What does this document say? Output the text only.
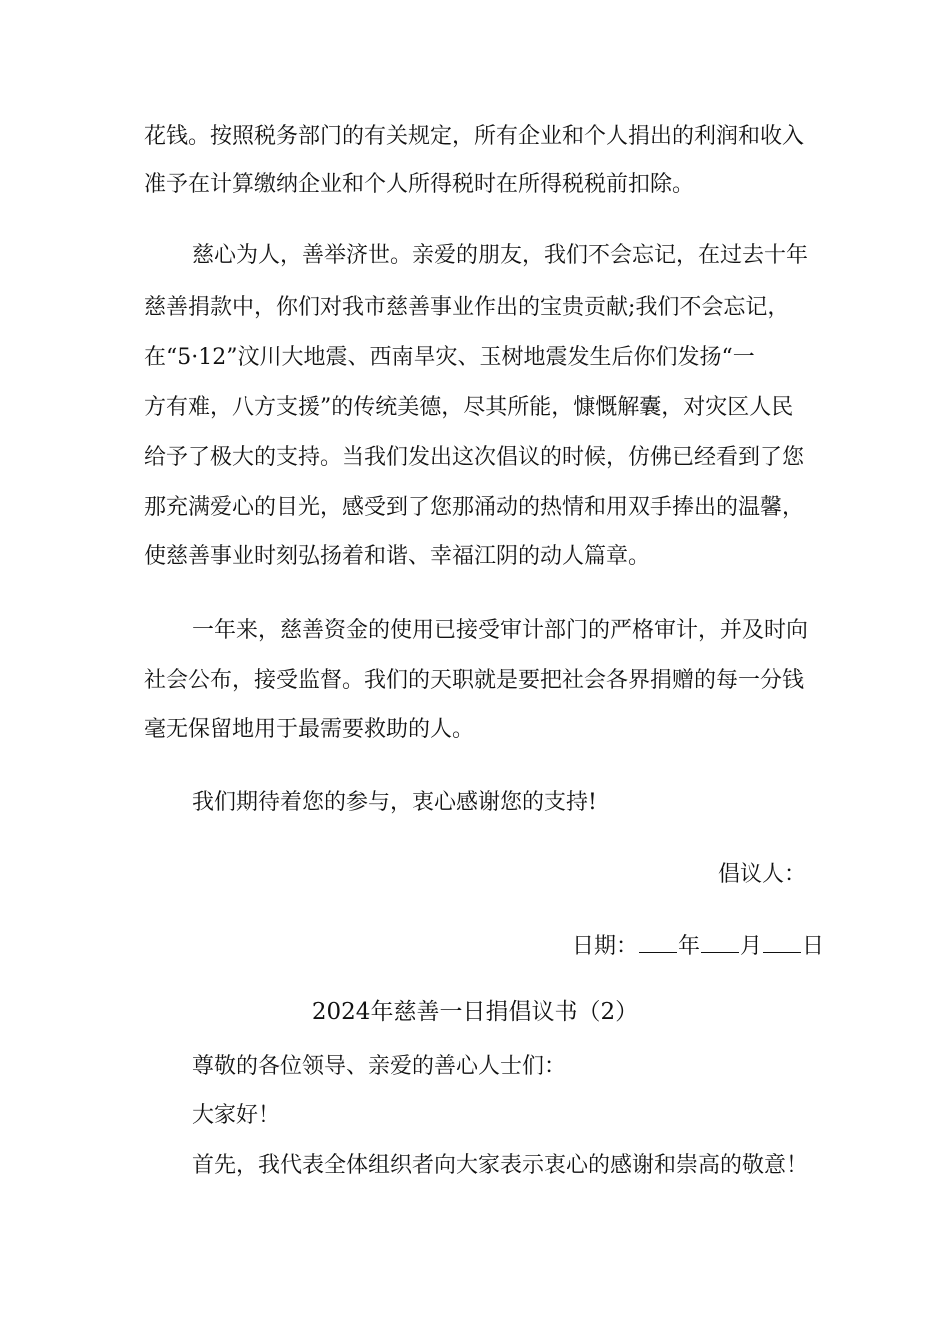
花钱。按照税务部门的有关规定，所有企业和个人捐出的利润和收入
准予在计算缴纳企业和个人所得税时在所得税税前扣除。
慈心为人，善举济世。亲爱的朋友，我们不会忘记，在过去十年
慈善捐款中，你们对我市慈善事业作出的宝贵贡献;我们不会忘记，
在“5·12”汶川大地震、西南旱灾、玉树地震发生后你们发扬“一
方有难，八方支援”的传统美德，尽其所能，慷慨解囊，对灾区人民
给予了极大的支持。当我们发出这次倡议的时候，仿佛已经看到了您
那充满爱心的目光，感受到了您那涌动的热情和用双手捧出的温馨，
使慈善事业时刻弘扬着和谐、幸福江阴的动人篇章。
一年来，慈善资金的使用已接受审计部门的严格审计，并及时向
社会公布，接受监督。我们的天职就是要把社会各界捐赠的每一分钱
毫无保留地用于最需要救助的人。
我们期待着您的参与，衷心感谢您的支持!
倡议人：
日期： 年 月 日
2024年慈善一日捐倡议书（2）
尊敬的各位领导、亲爱的善心人士们：
大家好！
首先，我代表全体组织者向大家表示衷心的感谢和崇高的敬意！
